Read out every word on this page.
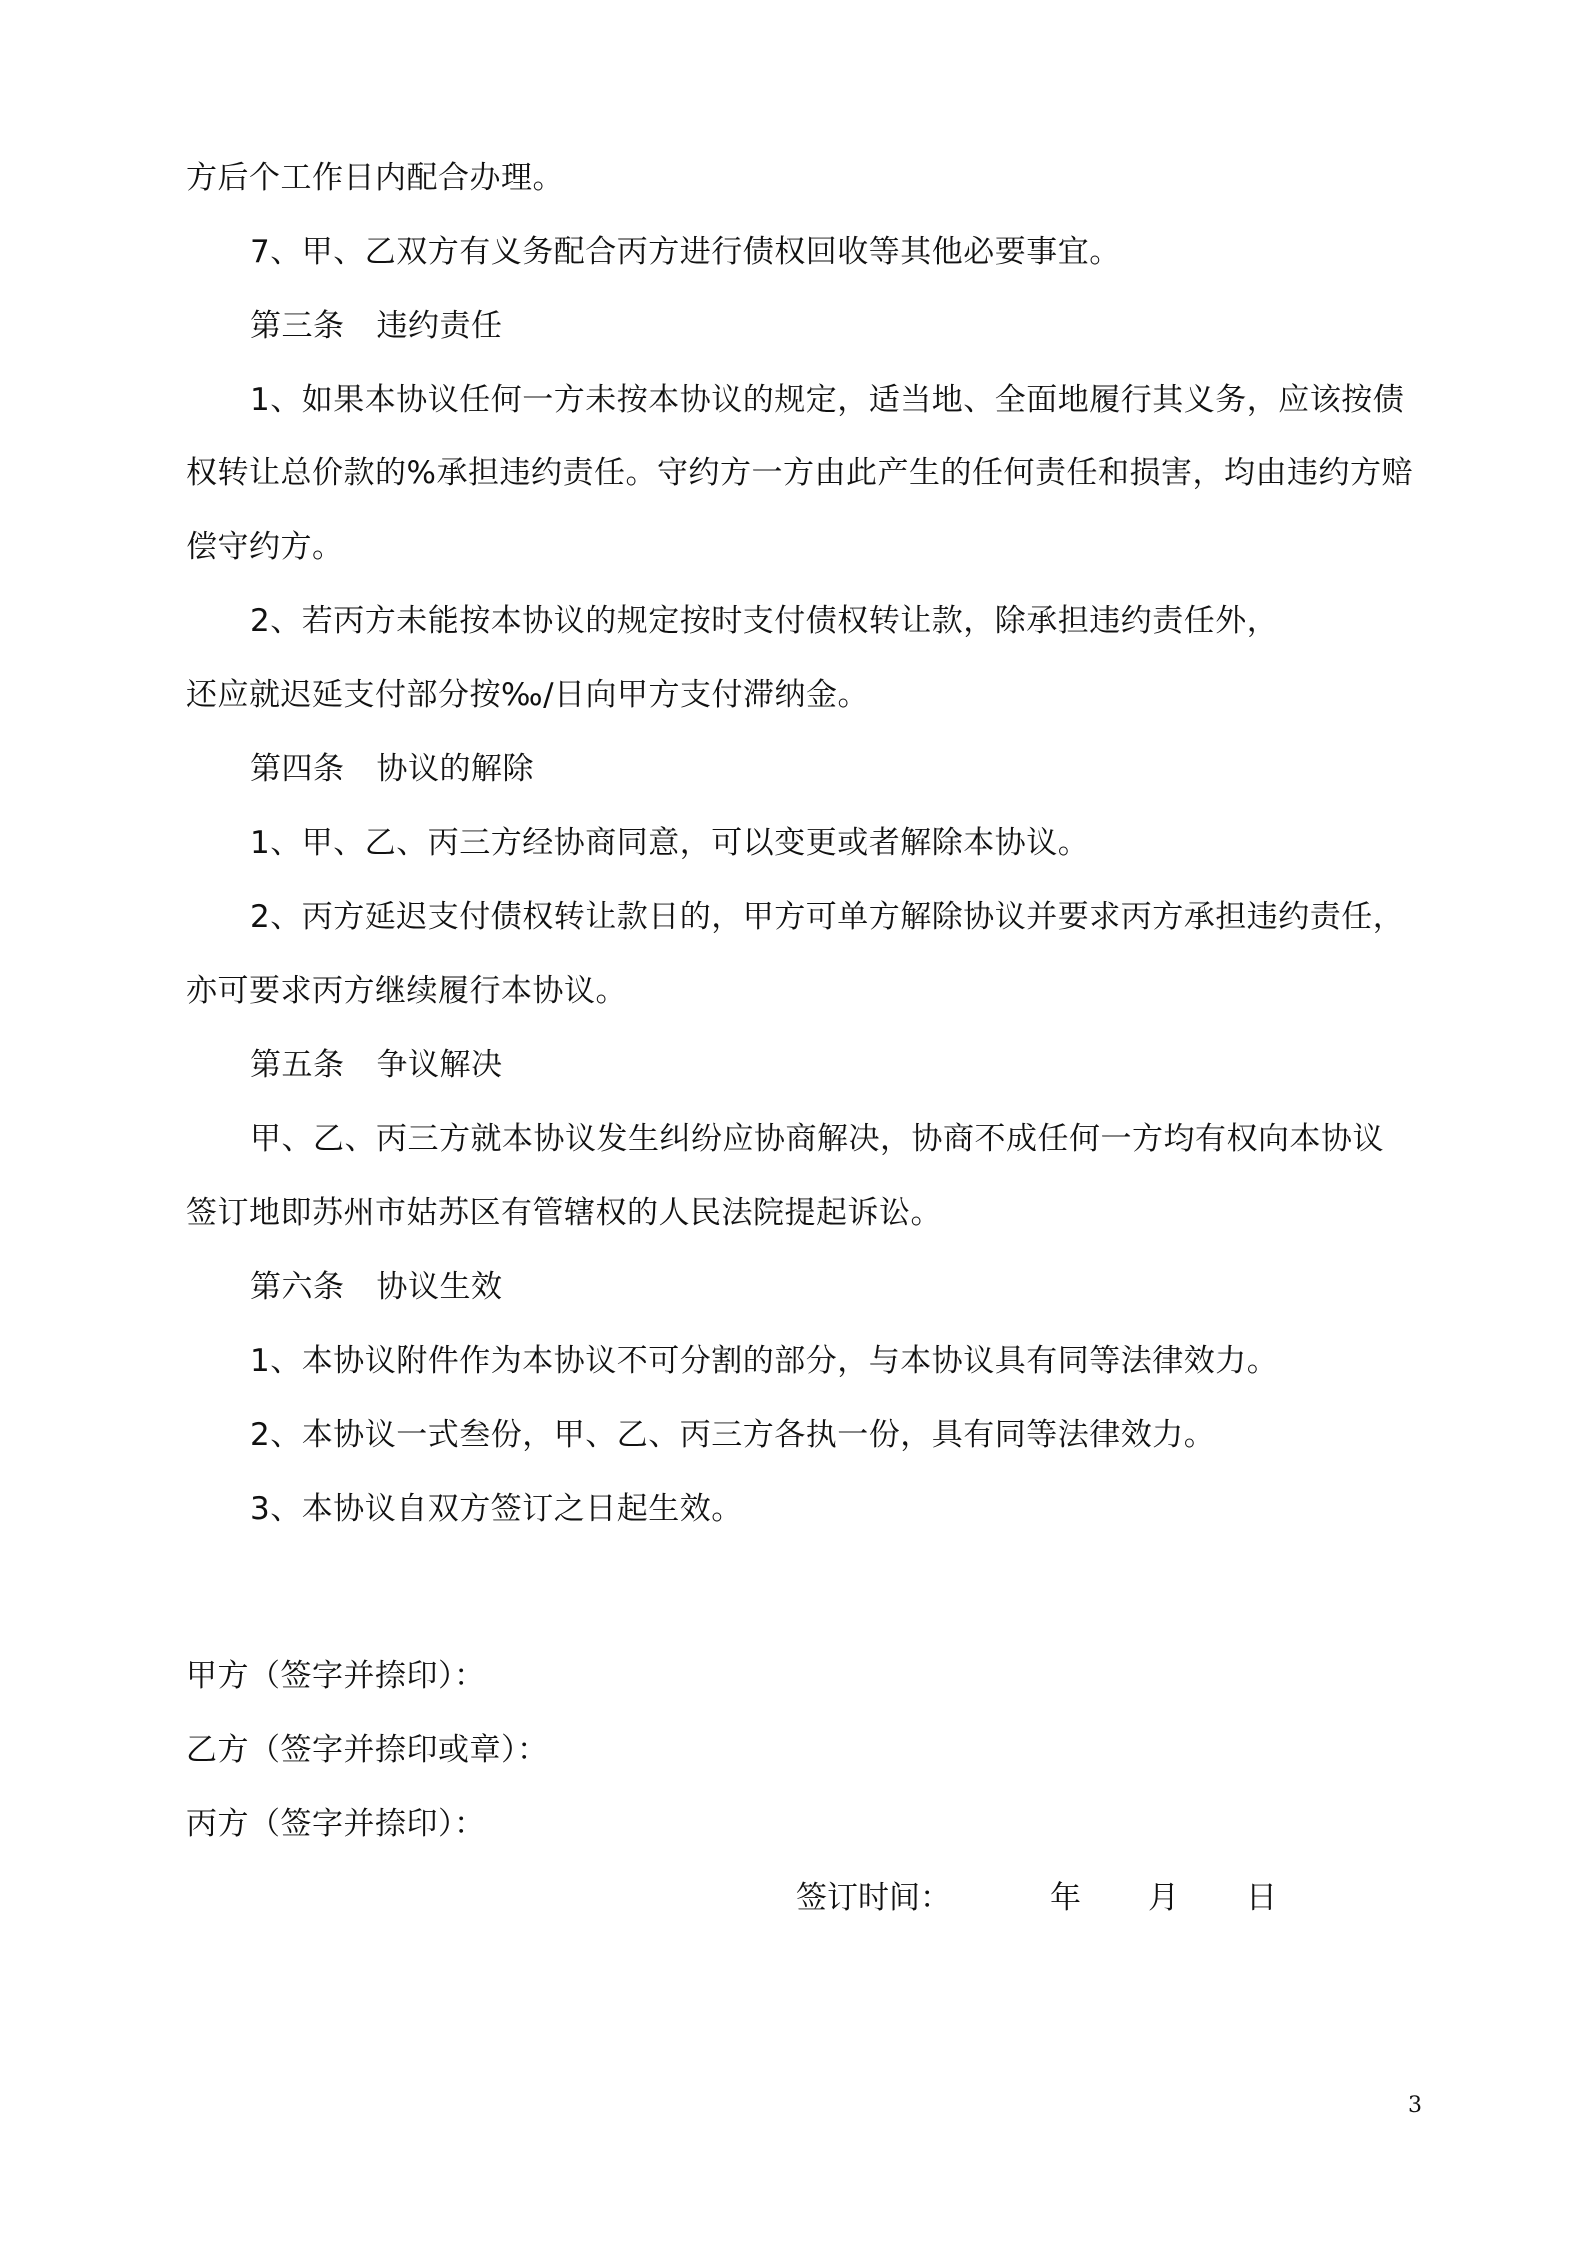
方后个工作日内配合办理。
7、甲、乙双方有义务配合丙方进行债权回收等其他必要事宜。
第三条 违约责任
1、如果本协议任何一方未按本协议的规定，适当地、全面地履行其义务，应该按债
权转让总价款的%承担违约责任。守约方一方由此产生的任何责任和损害，均由违约方赔
偿守约方。
2、若丙方未能按本协议的规定按时支付债权转让款，除承担违约责任外，
还应就迟延支付部分按‰/日向甲方支付滞纳金。
第四条 协议的解除
1、甲、乙、丙三方经协商同意，可以变更或者解除本协议。
2、丙方延迟支付债权转让款日的，甲方可单方解除协议并要求丙方承担违约责任，
亦可要求丙方继续履行本协议。
第五条 争议解决
甲、乙、丙三方就本协议发生纠纷应协商解决，协商不成任何一方均有权向本协议
签订地即苏州市姑苏区有管辖权的人民法院提起诉讼。
第六条 协议生效
1、本协议附件作为本协议不可分割的部分，与本协议具有同等法律效力。
2、本协议一式叁份，甲、乙、丙三方各执一份，具有同等法律效力。
3、本协议自双方签订之日起生效。
甲方（签字并捺印）：
乙方（签字并捺印或章）：
丙方（签字并捺印）：
签订时间：	年 月 日
3
